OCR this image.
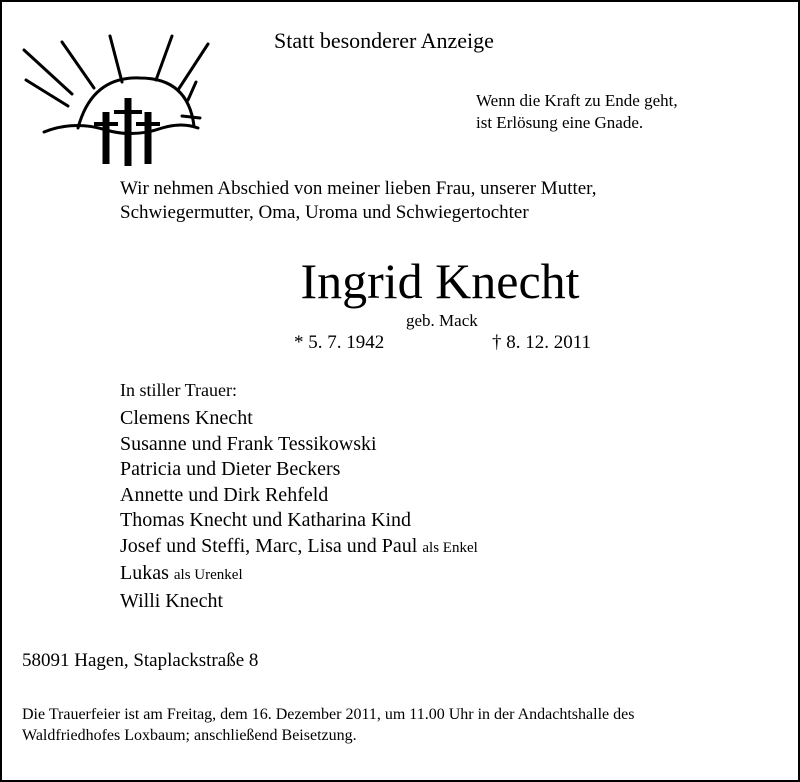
Statt besonderer Anzeige
Wenn die Kraft zu Ende geht,
ist Erlösung eine Gnade.
Wir nehmen Abschied von meiner lieben Frau, unserer Mutter,
Schwiegermutter, Oma, Uroma und Schwiegertochter
Ingrid Knecht
geb. Mack
* 5. 7. 1942	† 8. 12. 2011
In stiller Trauer:
Clemens Knecht
Susanne und Frank Tessikowski
Patricia und Dieter Beckers
Annette und Dirk Rehfeld
Thomas Knecht und Katharina Kind
Josef und Steffi, Marc, Lisa und Paul als Enkel
Lukas als Urenkel
Willi Knecht
58091 Hagen, Staplackstraße 8
Die Trauerfeier ist am Freitag, dem 16. Dezember 2011, um 11.00 Uhr in der Andachtshalle des
Waldfriedhofes Loxbaum; anschließend Beisetzung.
